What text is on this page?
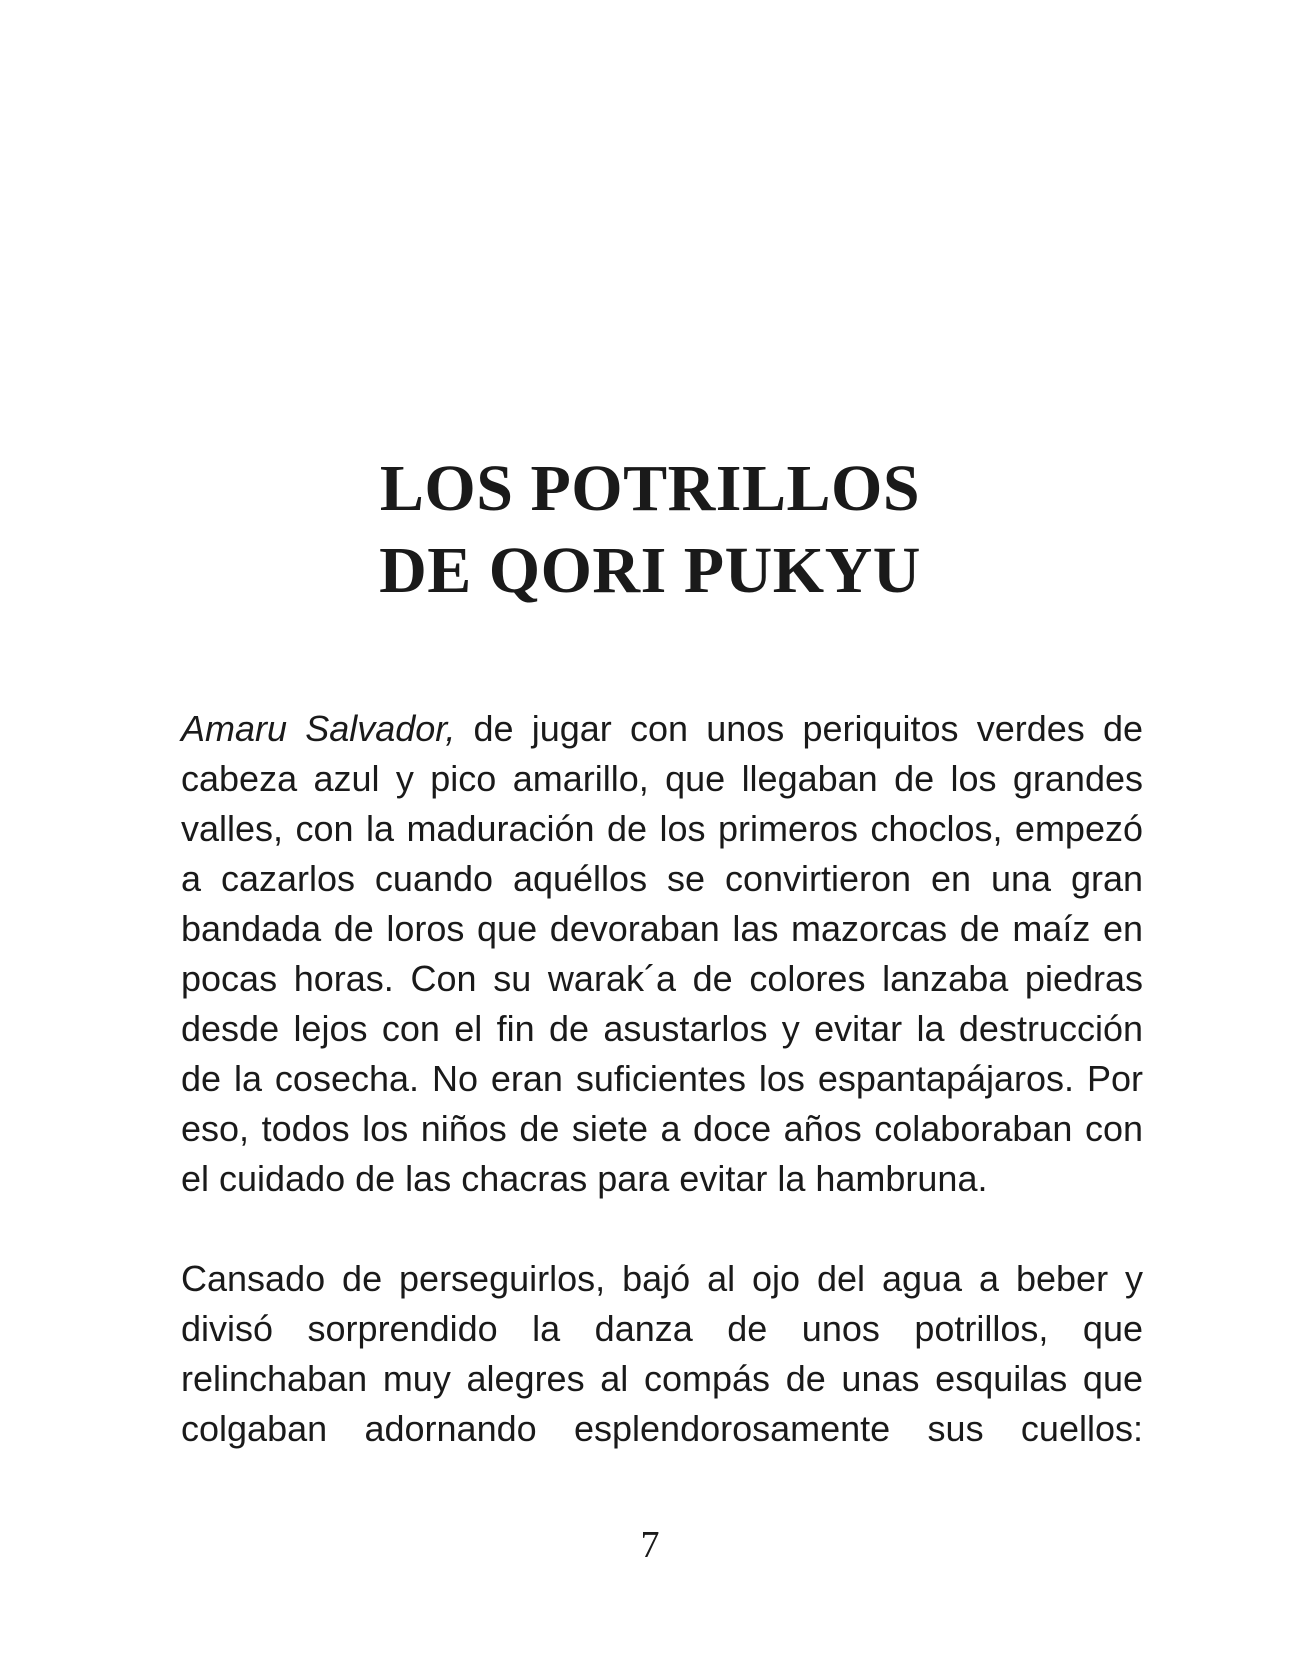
LOS POTRILLOS
DE QORI PUKYU

Amaru Salvador, de jugar con unos periquitos verdes de cabeza azul y pico amarillo, que llegaban de los grandes valles, con la maduración de los primeros choclos, empezó a cazarlos cuando aquéllos se convirtieron en una gran bandada de loros que devoraban las mazorcas de maíz en pocas horas. Con su warak´a de colores lanzaba piedras desde lejos con el fin de asustarlos y evitar la destrucción de la cosecha. No eran suficientes los espantapájaros. Por eso, todos los niños de siete a doce años colaboraban con el cuidado de las chacras para evitar la hambruna.

Cansado de perseguirlos, bajó al ojo del agua a beber y divisó sorprendido la danza de unos potrillos, que relinchaban muy alegres al compás de unas esquilas que colgaban adornando esplendorosamente sus cuellos:

7
